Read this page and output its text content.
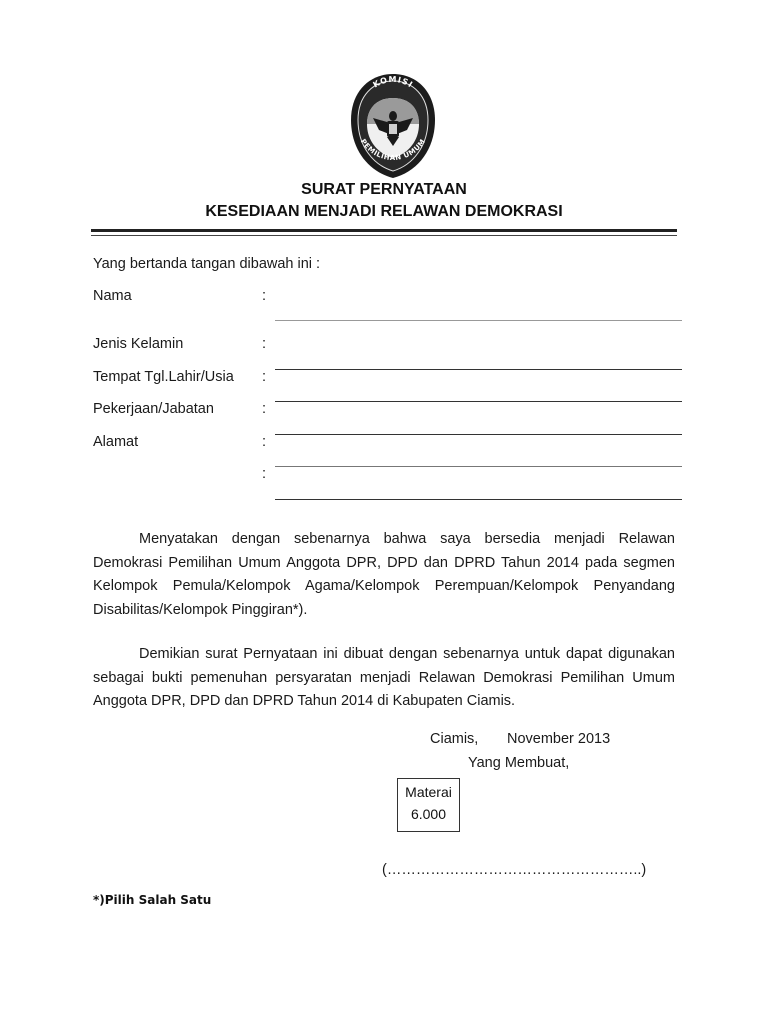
KOMISI
PEMILIHAN UMUM
SURAT PERNYATAAN
KESEDIAAN MENJADI RELAWAN DEMOKRASI
Yang bertanda tangan dibawah ini :
Nama	:
Jenis Kelamin	:
Tempat Tgl.Lahir/Usia :
Pekerjaan/Jabatan	:
Alamat	:
:
Menyatakan dengan sebenarnya bahwa saya bersedia menjadi Relawan Demokrasi Pemilihan Umum Anggota DPR, DPD dan DPRD Tahun 2014 pada segmen Kelompok Pemula/Kelompok Agama/Kelompok Perempuan/Kelompok Penyandang Disabilitas/Kelompok Pinggiran*).
Demikian surat Pernyataan ini dibuat dengan sebenarnya untuk dapat digunakan sebagai bukti pemenuhan persyaratan menjadi Relawan Demokrasi Pemilihan Umum Anggota DPR, DPD dan DPRD Tahun 2014 di Kabupaten Ciamis.
Ciamis, November 2013
Yang Membuat,
Materai
6.000
(……………………………………………..)
*)Pilih Salah Satu
